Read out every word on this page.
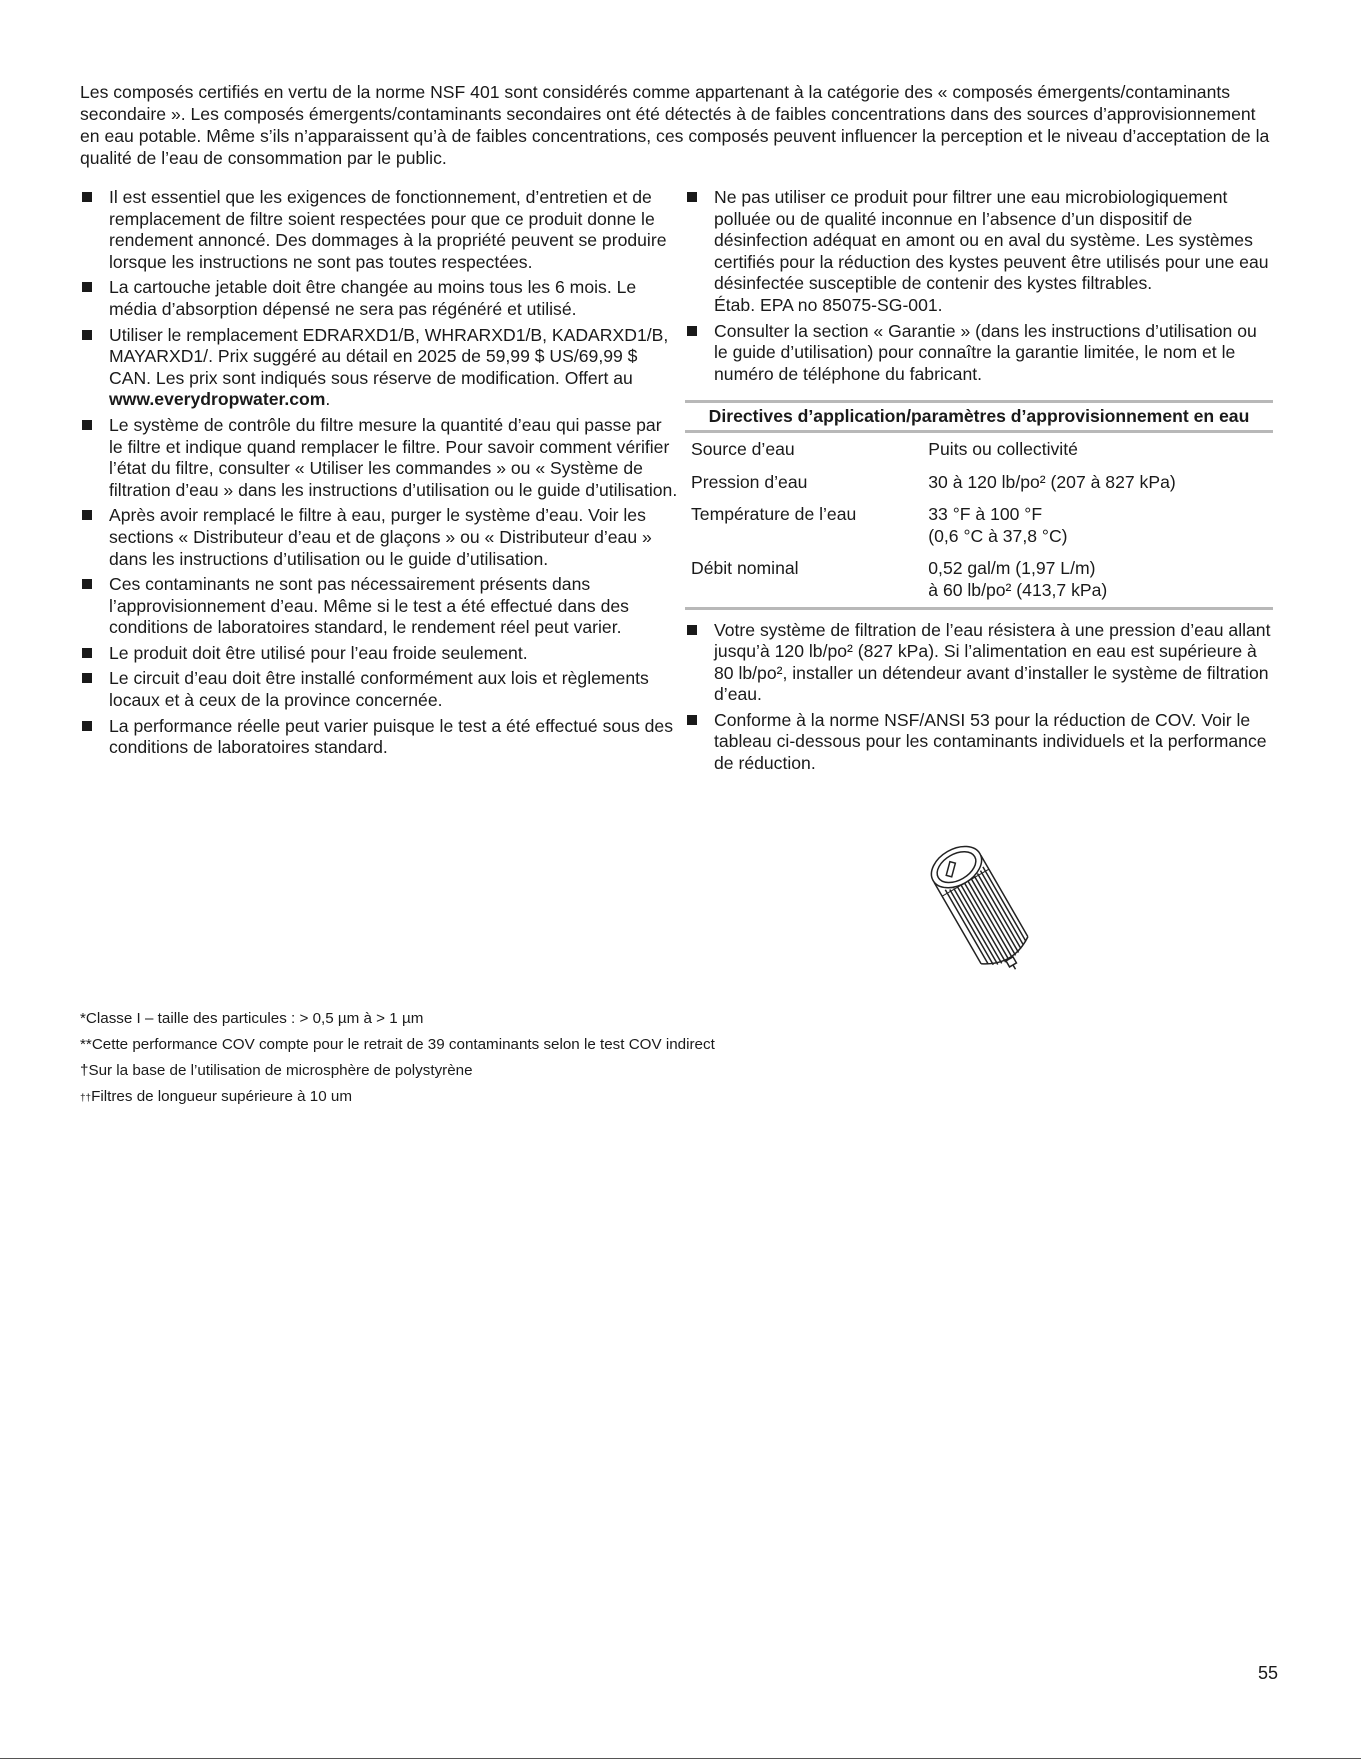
Les composés certifiés en vertu de la norme NSF 401 sont considérés comme appartenant à la catégorie des « composés émergents/contaminants secondaire ». Les composés émergents/contaminants secondaires ont été détectés à de faibles concentrations dans des sources d’approvisionnement en eau potable. Même s’ils n’apparaissent qu’à de faibles concentrations, ces composés peuvent influencer la perception et le niveau d’acceptation de la qualité de l’eau de consommation par le public.

Il est essentiel que les exigences de fonctionnement, d’entretien et de remplacement de filtre soient respectées pour que ce produit donne le rendement annoncé. Des dommages à la propriété peuvent se produire lorsque les instructions ne sont pas toutes respectées.
La cartouche jetable doit être changée au moins tous les 6 mois. Le média d’absorption dépensé ne sera pas régénéré et utilisé.
Utiliser le remplacement EDRARXD1/B, WHRARXD1/B, KADARXD1/B, MAYARXD1/. Prix suggéré au détail en 2025 de 59,99 $ US/69,99 $ CAN. Les prix sont indiqués sous réserve de modification. Offert au www.everydropwater.com.
Le système de contrôle du filtre mesure la quantité d’eau qui passe par le filtre et indique quand remplacer le filtre. Pour savoir comment vérifier l’état du filtre, consulter « Utiliser les commandes » ou « Système de filtration d’eau » dans les instructions d’utilisation ou le guide d’utilisation.
Après avoir remplacé le filtre à eau, purger le système d’eau. Voir les sections « Distributeur d’eau et de glaçons » ou « Distributeur d’eau » dans les instructions d’utilisation ou le guide d’utilisation.
Ces contaminants ne sont pas nécessairement présents dans l’approvisionnement d’eau. Même si le test a été effectué dans des conditions de laboratoires standard, le rendement réel peut varier.
Le produit doit être utilisé pour l’eau froide seulement.
Le circuit d’eau doit être installé conformément aux lois et règlements locaux et à ceux de la province concernée.
La performance réelle peut varier puisque le test a été effectué sous des conditions de laboratoires standard.
Ne pas utiliser ce produit pour filtrer une eau microbiologiquement polluée ou de qualité inconnue en l’absence d’un dispositif de désinfection adéquat en amont ou en aval du système. Les systèmes certifiés pour la réduction des kystes peuvent être utilisés pour une eau désinfectée susceptible de contenir des kystes filtrables.
Étab. EPA no 85075-SG-001.
Consulter la section « Garantie » (dans les instructions d’utilisation ou le guide d’utilisation) pour connaître la garantie limitée, le nom et le numéro de téléphone du fabricant.
Directives d’application/paramètres d’approvisionnement en eau	
Source d’eau	Puits ou collectivité
Pression d’eau	30 à 120 lb/po² (207 à 827 kPa)
Température de l’eau	33 °F à 100 °F
(0,6 °C à 37,8 °C)

Débit nominal	0,52 gal/m (1,97 L/m)
à 60 lb/po² (413,7 kPa)
Votre système de filtration de l’eau résistera à une pression d’eau allant jusqu’à 120 lb/po² (827 kPa). Si l’alimentation en eau est supérieure à 80 lb/po², installer un détendeur avant d’installer le système de filtration d’eau.
Conforme à la norme NSF/ANSI 53 pour la réduction de COV. Voir le tableau ci-dessous pour les contaminants individuels et la performance de réduction.
*Classe I – taille des particules : > 0,5 µm à > 1 µm
**Cette performance COV compte pour le retrait de 39 contaminants selon le test COV indirect
†Sur la base de l’utilisation de microsphère de polystyrène
††Filtres de longueur supérieure à 10 um
55
